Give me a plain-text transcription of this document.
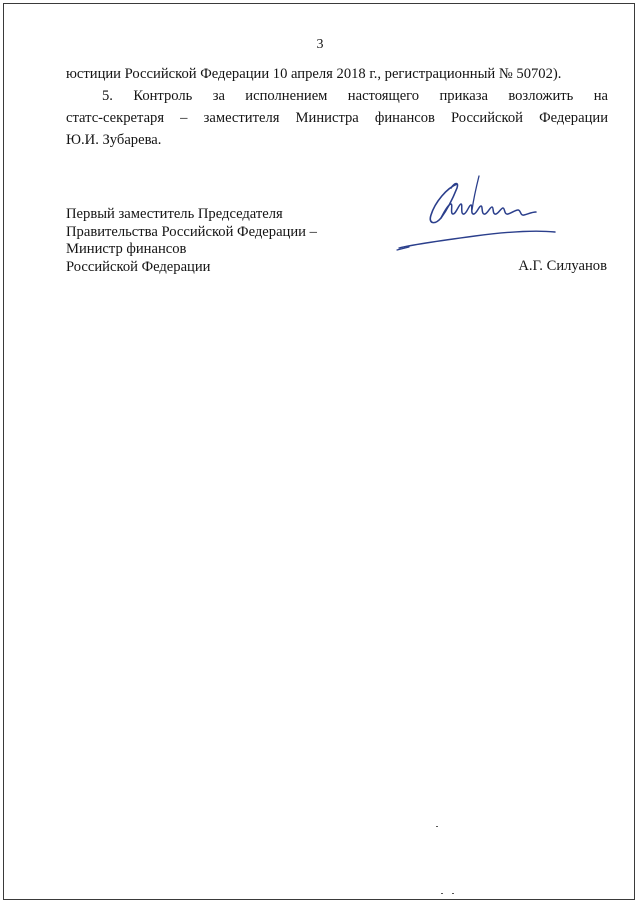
3
юстиции Российской Федерации 10 апреля 2018 г., регистрационный № 50702).
5. Контроль за исполнением настоящего приказа возложить на
статс-секретаря – заместителя Министра финансов Российской Федерации
Ю.И. Зубарева.
Первый заместитель Председателя
Правительства Российской Федерации –
Министр финансов
Российской Федерации	А.Г. Силуанов
